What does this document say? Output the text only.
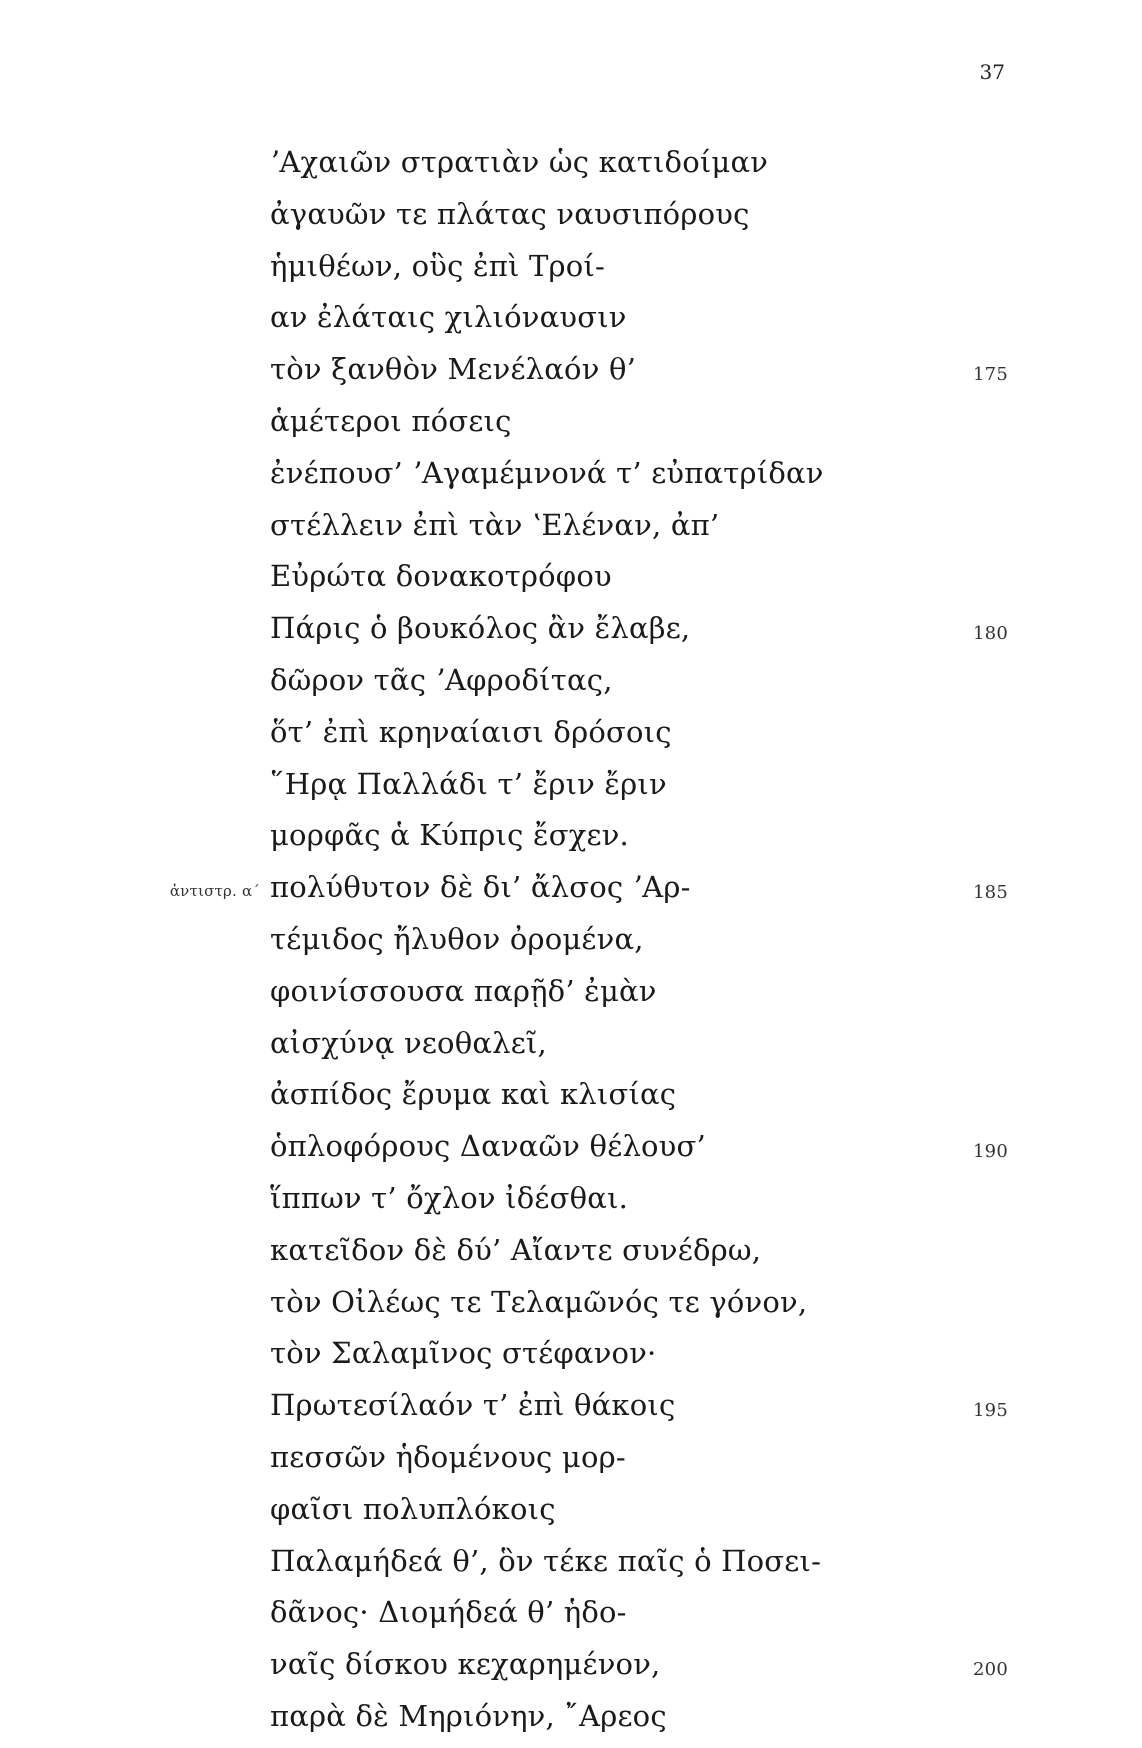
37
ʼΑχαιῶν στρατιὰν ὡς κατιδοίμαν
ἀγαυῶν τε πλάτας ναυσιπόρους
ἡμιθέων, οὓς ἐπὶ Τροί-
αν ἐλάταις χιλιόναυσιν
τὸν ξανθὸν Μενέλαόν θ’	175
ἁμέτεροι πόσεις
ἐνέπουσ’ ʼΑγαμέμνονά τ’ εὐπατρίδαν
στέλλειν ἐπὶ τὰν ʽΕλέναν, ἀπ’
Εὐρώτα δονακοτρόφου
Πάρις ὁ βουκόλος ἂν ἔλαβε,	180
δῶρον τᾶς ʼΑφροδίτας,
ὅτ’ ἐπὶ κρηναίαισι δρόσοις
῞Ηρᾳ Παλλάδι τ’ ἔριν ἔριν
μορφᾶς ἁ Κύπρις ἔσχεν.
ἀντιστρ. α΄ πολύθυτον δὲ δι’ ἄλσος ʼΑρ-	185
τέμιδος ἤλυθον ὀρομένα,
φοινίσσουσα παρῇδ’ ἐμὰν
αἰσχύνᾳ νεοθαλεῖ,
ἀσπίδος ἔρυμα καὶ κλισίας
ὁπλοφόρους Δαναῶν θέλουσ’	190
ἵππων τ’ ὄχλον ἰδέσθαι.
κατεῖδον δὲ δύ’ Αἴαντε συνέδρω,
τὸν Οἰλέως τε Τελαμῶνός τε γόνον,
τὸν Σαλαμῖνος στέφανον·
Πρωτεσίλαόν τ’ ἐπὶ θάκοις	195
πεσσῶν ἡδομένους μορ-
φαῖσι πολυπλόκοις
Παλαμήδεά θ’, ὃν τέκε παῖς ὁ Ποσει-
δᾶνος· Διομήδεά θ’ ἡδο-
ναῖς δίσκου κεχαρημένον,	200
παρὰ δὲ Μηριόνην, ῎Αρεος
